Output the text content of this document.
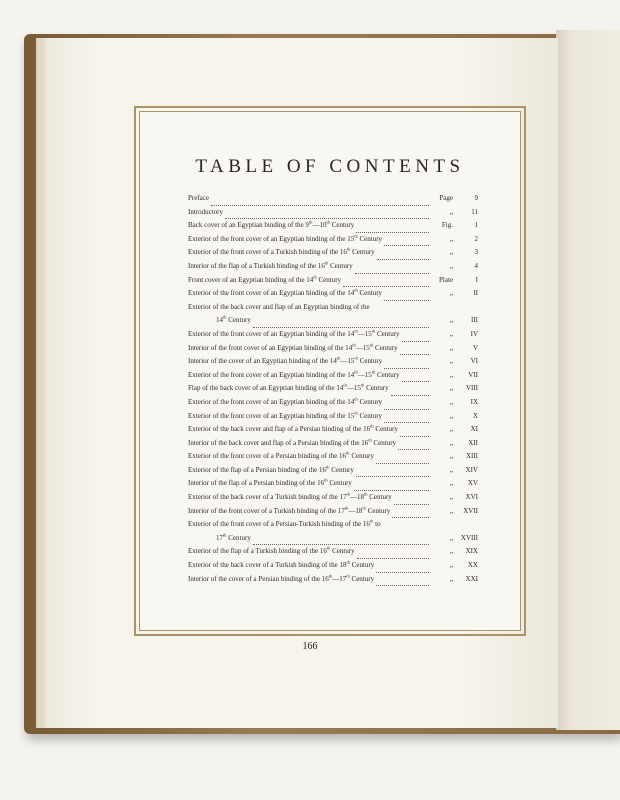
TABLE OF CONTENTS
Preface	Page	9
Introductory	„	11
Back cover of an Egyptian binding of the 9th—10th Century	Fig.	1
Exterior of the front cover of an Egyptian binding of the 15th Century	„	2
Exterior of the front cover of a Turkish binding of the 16th Century	„	3
Interior of the flap of a Turkish binding of the 16th Century	„	4
Front cover of an Egyptian binding of the 14th Century	Plate	I
Exterior of the front cover of an Egyptian binding of the 14th Century	„	II
Exterior of the back cover and flap of an Egyptian binding of the
14th Century	„	III
Exterior of the front cover of an Egyptian binding of the 14th—15th Century	„	IV
Interior of the front cover of an Egyptian binding of the 14th—15th Century	„	V
Interior of the cover of an Egyptian binding of the 14th—15th Century	„	VI
Exterior of the front cover of an Egyptian binding of the 14th—15th Century	„	VII
Flap of the back cover of an Egyptian binding of the 14th—15th Century	„	VIII
Exterior of the front cover of an Egyptian binding of the 14th Century	„	IX
Exterior of the front cover of an Egyptian binding of the 15th Century	„	X
Exterior of the back cover and flap of a Persian binding of the 16th Century	„	XI
Interior of the back cover and flap of a Persian binding of the 16th Century	„	XII
Exterior of the front cover of a Persian binding of the 16th Century	„	XIII
Exterior of the flap of a Persian binding of the 16th Century	„	XIV
Interior of the flap of a Persian binding of the 16th Century	„	XV
Exterior of the back cover of a Turkish binding of the 17th—18th Century	„	XVI
Interior of the front cover of a Turkish binding of the 17th—18th Century	„	XVII
Exterior of the front cover of a Persian-Turkish binding of the 16th to
17th Century	„	XVIII
Exterior of the flap of a Turkish binding of the 16th Century	„	XIX
Exterior of the back cover of a Turkish binding of the 18th Century	„	XX
Interior of the cover of a Persian binding of the 16th—17th Century	„	XXI
166
